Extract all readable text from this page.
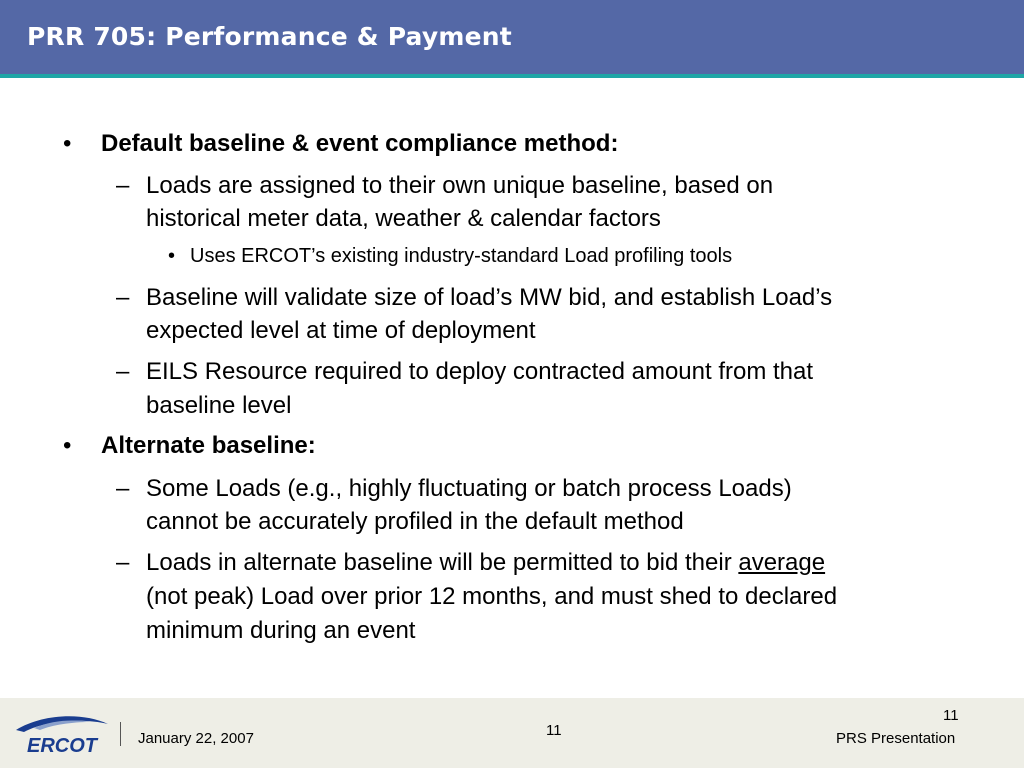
PRR 705: Performance & Payment
• Default baseline & event compliance method:
– Loads are assigned to their own unique baseline, based on
historical meter data, weather & calendar factors
• Uses ERCOT’s existing industry-standard Load profiling tools
– Baseline will validate size of load’s MW bid, and establish Load’s
expected level at time of deployment
– EILS Resource required to deploy contracted amount from that
baseline level
• Alternate baseline:
– Some Loads (e.g., highly fluctuating or batch process Loads)
cannot be accurately profiled in the default method
– Loads in alternate baseline will be permitted to bid their average
(not peak) Load over prior 12 months, and must shed to declared
minimum during an event
ERCOT	January 22, 2007	11
11
PRS Presentation
